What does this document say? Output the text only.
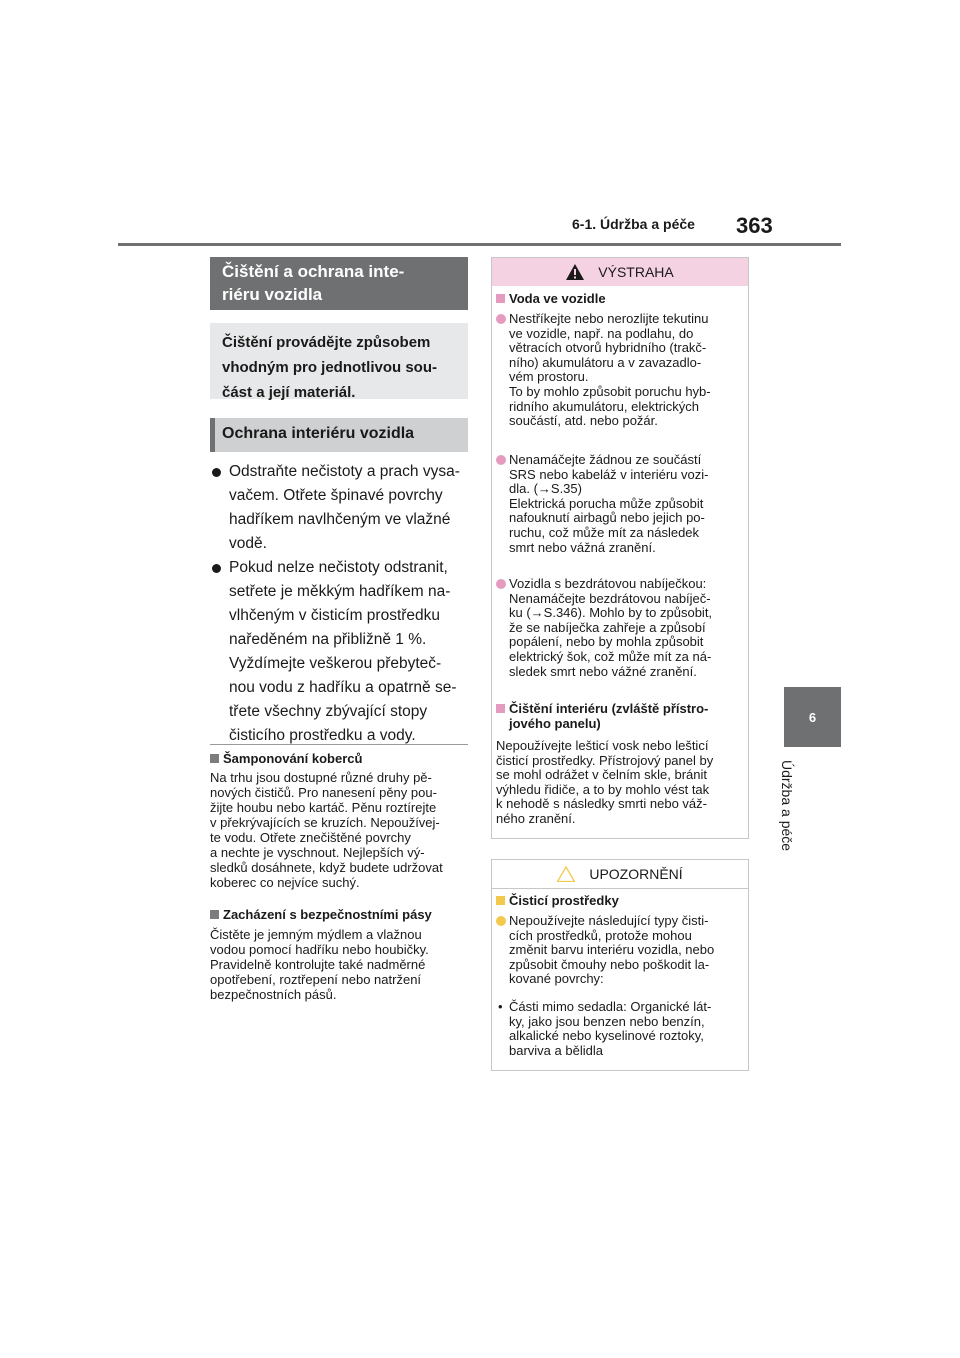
6-1. Údržba a péče 363
6
Údržba a péče
Čištění a ochrana inte-
riéru vozidla
Čištění provádějte způsobem
vhodným pro jednotlivou sou-
část a její materiál.
Ochrana interiéru vozidla
Odstraňte nečistoty a prach vysa-
vačem. Otřete špinavé povrchy
hadříkem navlhčeným ve vlažné
vodě.
Pokud nelze nečistoty odstranit,
setřete je měkkým hadříkem na-
vlhčeným v čisticím prostředku
naředěném na přibližně 1 %.
Vyždímejte veškerou přebyteč-
nou vodu z hadříku a opatrně se-
třete všechny zbývající stopy
čisticího prostředku a vody.
Šamponování koberců
Na trhu jsou dostupné různé druhy pě-
nových čističů. Pro nanesení pěny pou-
žijte houbu nebo kartáč. Pěnu roztírejte
v překrývajících se kruzích. Nepoužívej-
te vodu. Otřete znečištěné povrchy
a nechte je vyschnout. Nejlepších vý-
sledků dosáhnete, když budete udržovat
koberec co nejvíce suchý.
Zacházení s bezpečnostními pásy
Čistěte je jemným mýdlem a vlažnou
vodou pomocí hadříku nebo houbičky.
Pravidelně kontrolujte také nadměrné
opotřebení, roztřepení nebo natržení
bezpečnostních pásů.
VÝSTRAHA
Voda ve vozidle
Nestříkejte nebo nerozlijte tekutinu
ve vozidle, např. na podlahu, do
větracích otvorů hybridního (trakč-
ního) akumulátoru a v zavazadlo-
vém prostoru.
To by mohlo způsobit poruchu hyb-
ridního akumulátoru, elektrických
součástí, atd. nebo požár.
Nenamáčejte žádnou ze součástí
SRS nebo kabeláž v interiéru vozi-
dla. (→S.35)
Elektrická porucha může způsobit
nafouknutí airbagů nebo jejich po-
ruchu, což může mít za následek
smrt nebo vážná zranění.
Vozidla s bezdrátovou nabíječkou:
Nenamáčejte bezdrátovou nabíječ-
ku (→S.346). Mohlo by to způsobit,
že se nabíječka zahřeje a způsobí
popálení, nebo by mohla způsobit
elektrický šok, což může mít za ná-
sledek smrt nebo vážné zranění.
Čištění interiéru (zvláště přístro-
jového panelu)
Nepoužívejte lešticí vosk nebo lešticí
čisticí prostředky. Přístrojový panel by
se mohl odrážet v čelním skle, bránit
výhledu řidiče, a to by mohlo vést tak
k nehodě s následky smrti nebo váž-
ného zranění.
UPOZORNĚNÍ
Čisticí prostředky
Nepoužívejte následující typy čisti-
cích prostředků, protože mohou
změnit barvu interiéru vozidla, nebo
způsobit čmouhy nebo poškodit la-
kované povrchy:
• Části mimo sedadla: Organické lát-
ky, jako jsou benzen nebo benzín,
alkalické nebo kyselinové roztoky,
barviva a bělidla
